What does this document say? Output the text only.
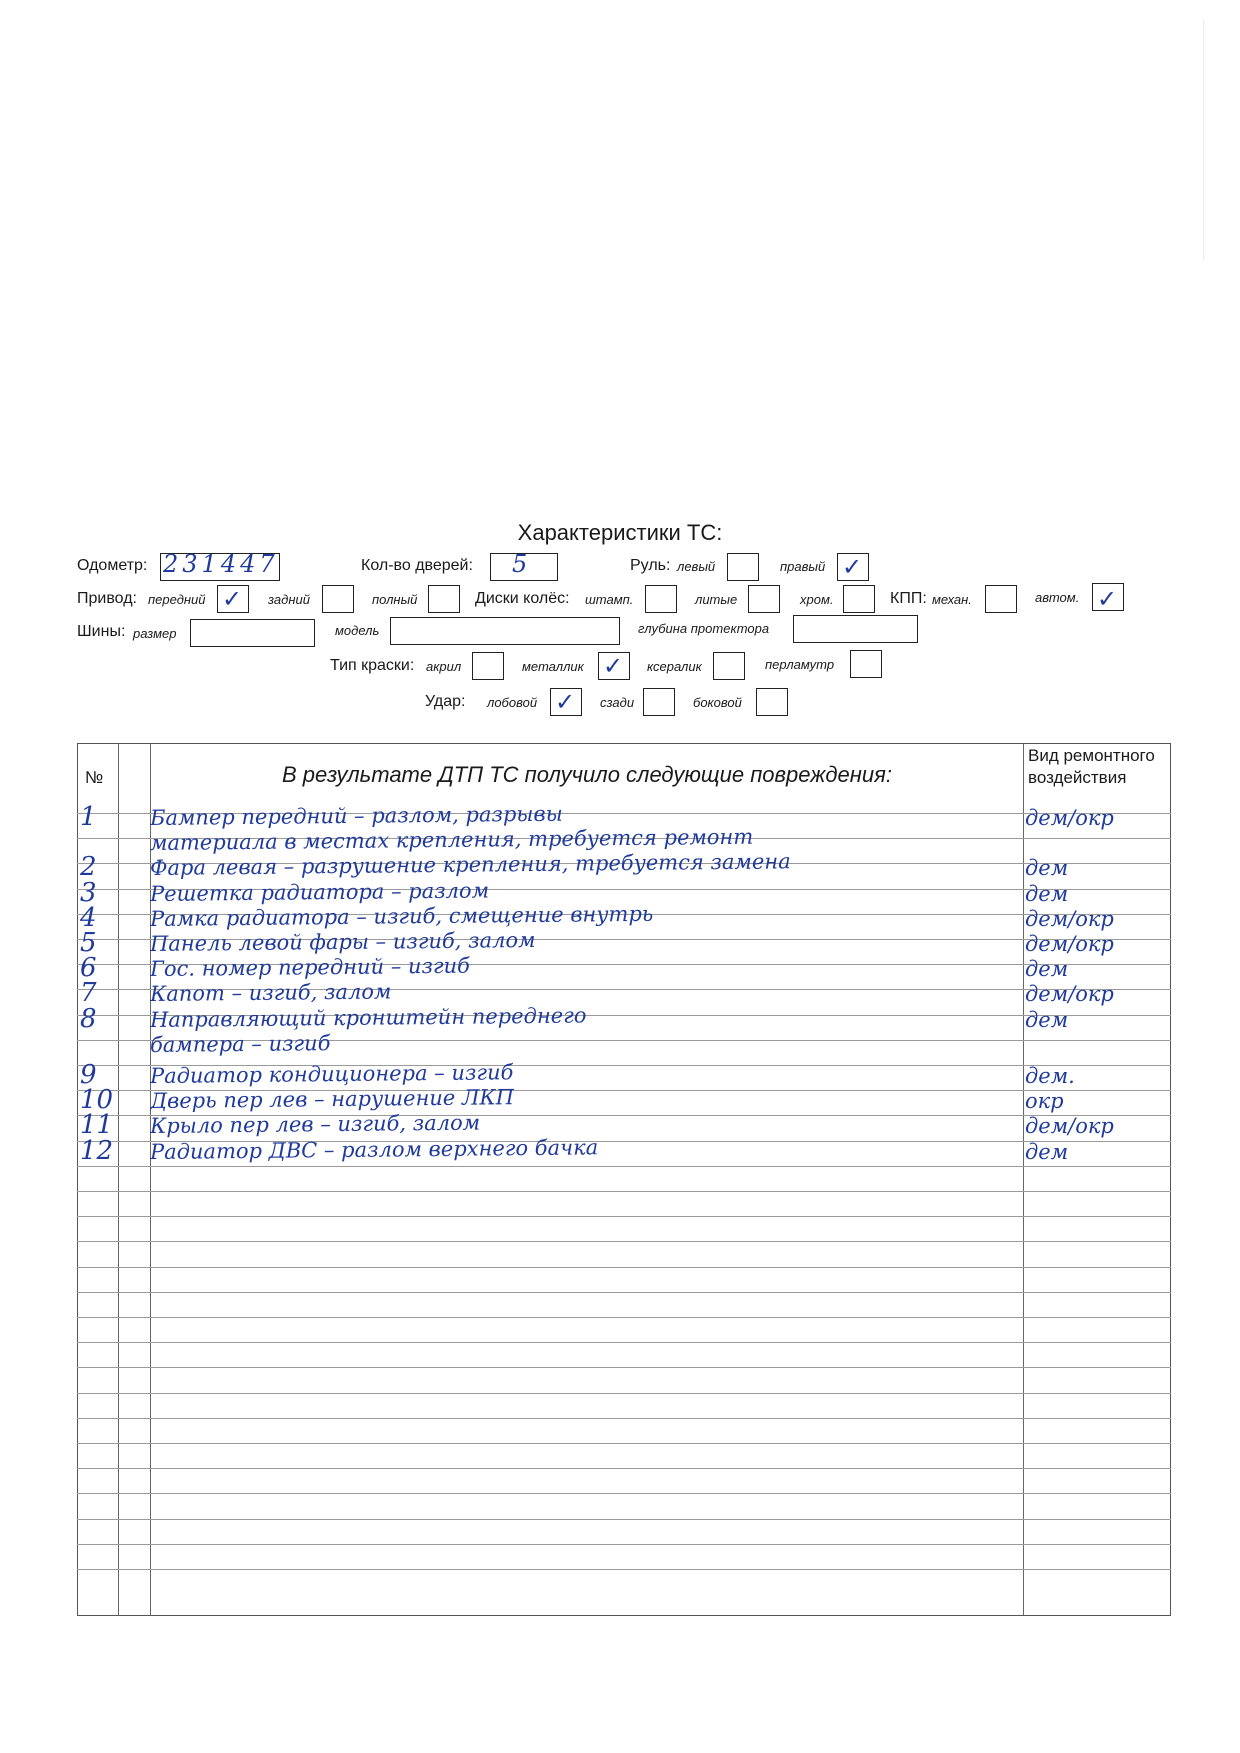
Характеристики ТС:
Одометр: 231447	Кол-во дверей: 5	Руль: левый	правый ✓
Привод: передний ✓ задний	полный	Диски колёс: штамп.	литые	хром.	КПП: механ.	автом. ✓
Шины: размер	модель	глубина протектора
Тип краски: акрил	металлик ✓ ксералик	перламутр
Удар: лобовой ✓ сзади	боковой
№	В результате ДТП ТС получило следующие повреждения:
Вид ремонтного воздействия
1	Бампер передний – разлом, разрывы	дем/окр
материала в местах крепления, требуется ремонт
2	Фара левая – разрушение крепления, требуется замена	дем
3	Решетка радиатора – разлом	дем
4	Рамка радиатора – изгиб, смещение внутрь	дем/окр
5	Панель левой фары – изгиб, залом	дем/окр
6	Гос. номер передний – изгиб	дем
7	Капот – изгиб, залом	дем/окр
8	Направляющий кронштейн переднего	дем
бампера – изгиб
9	Радиатор кондиционера – изгиб	дем.
10 Дверь пер лев – нарушение ЛКП	окр
11 Крыло пер лев – изгиб, залом	дем/окр
12 Радиатор ДВС – разлом верхнего бачка	дем
